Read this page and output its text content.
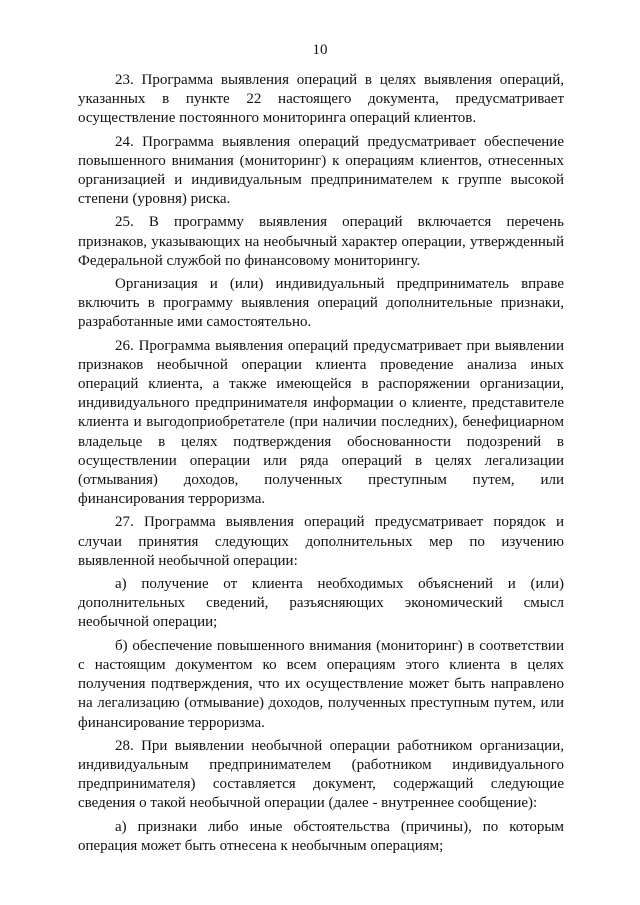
10

23. Программа выявления операций в целях выявления операций, указанных в пункте 22 настоящего документа, предусматривает осуществление постоянного мониторинга операций клиентов.

24. Программа выявления операций предусматривает обеспечение повышенного внимания (мониторинг) к операциям клиентов, отнесенных организацией и индивидуальным предпринимателем к группе высокой степени (уровня) риска.

25. В программу выявления операций включается перечень признаков, указывающих на необычный характер операции, утвержденный Федеральной службой по финансовому мониторингу.

Организация и (или) индивидуальный предприниматель вправе включить в программу выявления операций дополнительные признаки, разработанные ими самостоятельно.

26. Программа выявления операций предусматривает при выявлении признаков необычной операции клиента проведение анализа иных операций клиента, а также имеющейся в распоряжении организации, индивидуального предпринимателя информации о клиенте, представителе клиента и выгодоприобретателе (при наличии последних), бенефициарном владельце в целях подтверждения обоснованности подозрений в осуществлении операции или ряда операций в целях легализации (отмывания) доходов, полученных преступным путем, или финансирования терроризма.

27. Программа выявления операций предусматривает порядок и случаи принятия следующих дополнительных мер по изучению выявленной необычной операции:

а) получение от клиента необходимых объяснений и (или) дополнительных сведений, разъясняющих экономический смысл необычной операции;

б) обеспечение повышенного внимания (мониторинг) в соответствии с настоящим документом ко всем операциям этого клиента в целях получения подтверждения, что их осуществление может быть направлено на легализацию (отмывание) доходов, полученных преступным путем, или финансирование терроризма.

28. При выявлении необычной операции работником организации, индивидуальным предпринимателем (работником индивидуального предпринимателя) составляется документ, содержащий следующие сведения о такой необычной операции (далее - внутреннее сообщение):

а) признаки либо иные обстоятельства (причины), по которым операция может быть отнесена к необычным операциям;
